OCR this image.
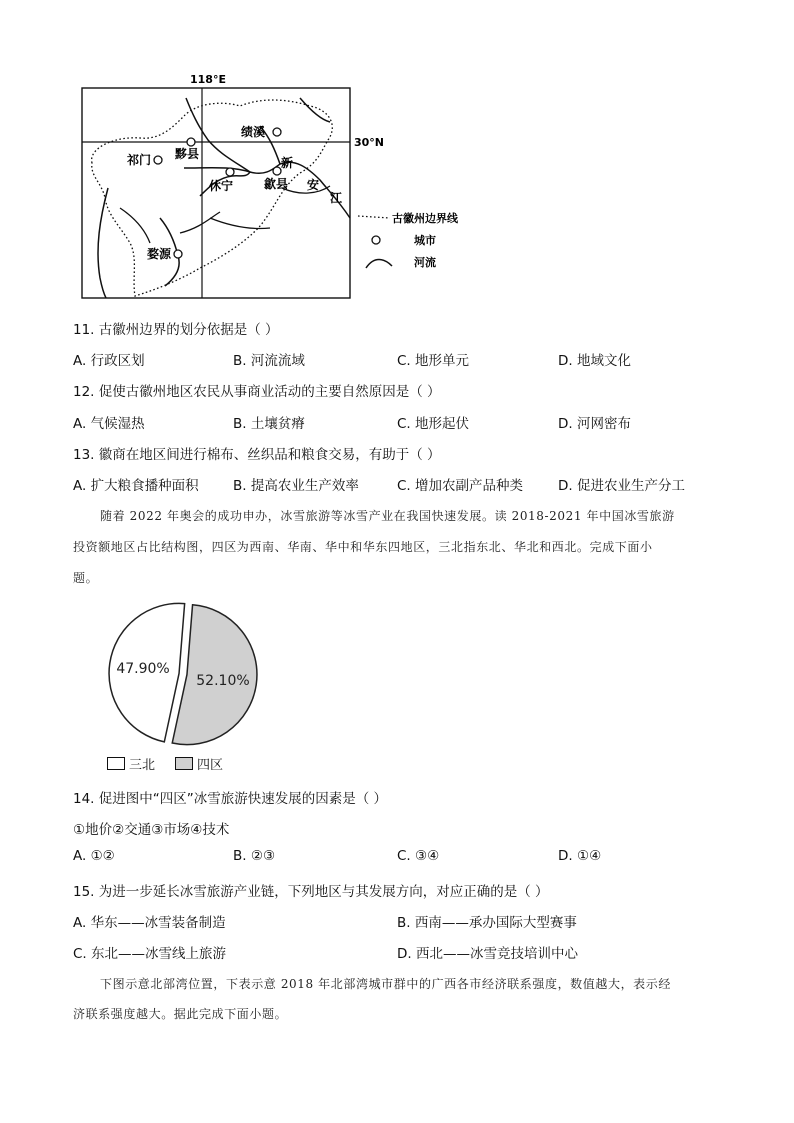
118°E
30°N
绩溪
黟县
祁门
休宁	歙县
婺源
新
安
江
古徽州边界线
城市
河流
11. 古徽州边界的划分依据是（ ）
A. 行政区划	B. 河流流域	C. 地形单元	D. 地域文化
12. 促使古徽州地区农民从事商业活动的主要自然原因是（ ）
A. 气候湿热	B. 土壤贫瘠	C. 地形起伏	D. 河网密布
13. 徽商在地区间进行棉布、丝织品和粮食交易，有助于（ ）
A. 扩大粮食播种面积	B. 提高农业生产效率	C. 增加农副产品种类	D. 促进农业生产分工
随着 2022 年奥会的成功申办，冰雪旅游等冰雪产业在我国快速发展。读 2018-2021 年中国冰雪旅游
投资额地区占比结构图，四区为西南、华南、华中和华东四地区，三北指东北、华北和西北。完成下面小
题。
47.90%
52.10%
三北	四区
14. 促进图中“四区”冰雪旅游快速发展的因素是（ ）
①地价②交通③市场④技术
A. ①②	B. ②③	C. ③④	D. ①④
15. 为进一步延长冰雪旅游产业链，下列地区与其发展方向，对应正确的是（ ）
A. 华东——冰雪装备制造	B. 西南——承办国际大型赛事
C. 东北——冰雪线上旅游	D. 西北——冰雪竞技培训中心
下图示意北部湾位置，下表示意 2018 年北部湾城市群中的广西各市经济联系强度，数值越大，表示经
济联系强度越大。据此完成下面小题。
